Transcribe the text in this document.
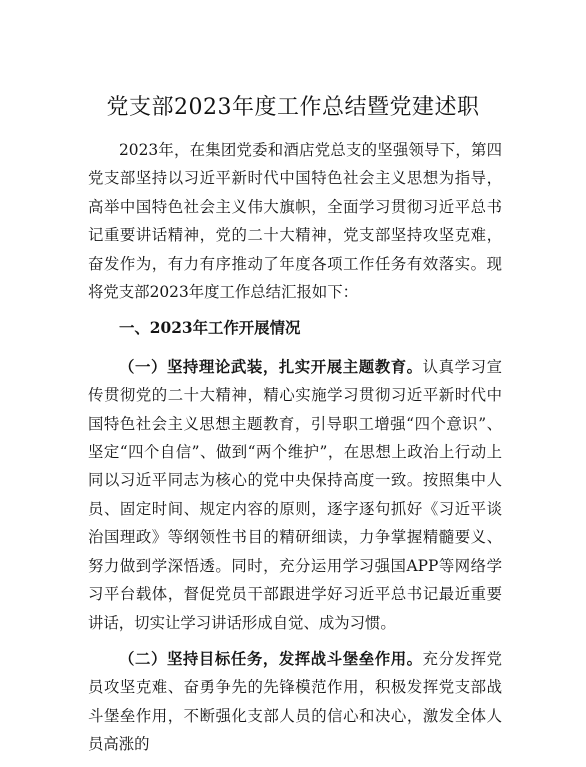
党支部2023年度工作总结暨党建述职

2023年，在集团党委和酒店党总支的坚强领导下，第四党支部坚持以习近平新时代中国特色社会主义思想为指导，高举中国特色社会主义伟大旗帜，全面学习贯彻习近平总书记重要讲话精神，党的二十大精神，党支部坚持攻坚克难，奋发作为，有力有序推动了年度各项工作任务有效落实。现将党支部2023年度工作总结汇报如下：

一、2023年工作开展情况

（一）坚持理论武装，扎实开展主题教育。认真学习宣传贯彻党的二十大精神，精心实施学习贯彻习近平新时代中国特色社会主义思想主题教育，引导职工增强“四个意识”、坚定“四个自信”、做到“两个维护”，在思想上政治上行动上同以习近平同志为核心的党中央保持高度一致。按照集中人员、固定时间、规定内容的原则，逐字逐句抓好《习近平谈治国理政》等纲领性书目的精研细读，力争掌握精髓要义、努力做到学深悟透。同时，充分运用学习强国APP等网络学习平台载体，督促党员干部跟进学好习近平总书记最近重要讲话，切实让学习讲话形成自觉、成为习惯。

（二）坚持目标任务，发挥战斗堡垒作用。充分发挥党员攻坚克难、奋勇争先的先锋模范作用，积极发挥党支部战斗堡垒作用，不断强化支部人员的信心和决心，激发全体人员高涨的
